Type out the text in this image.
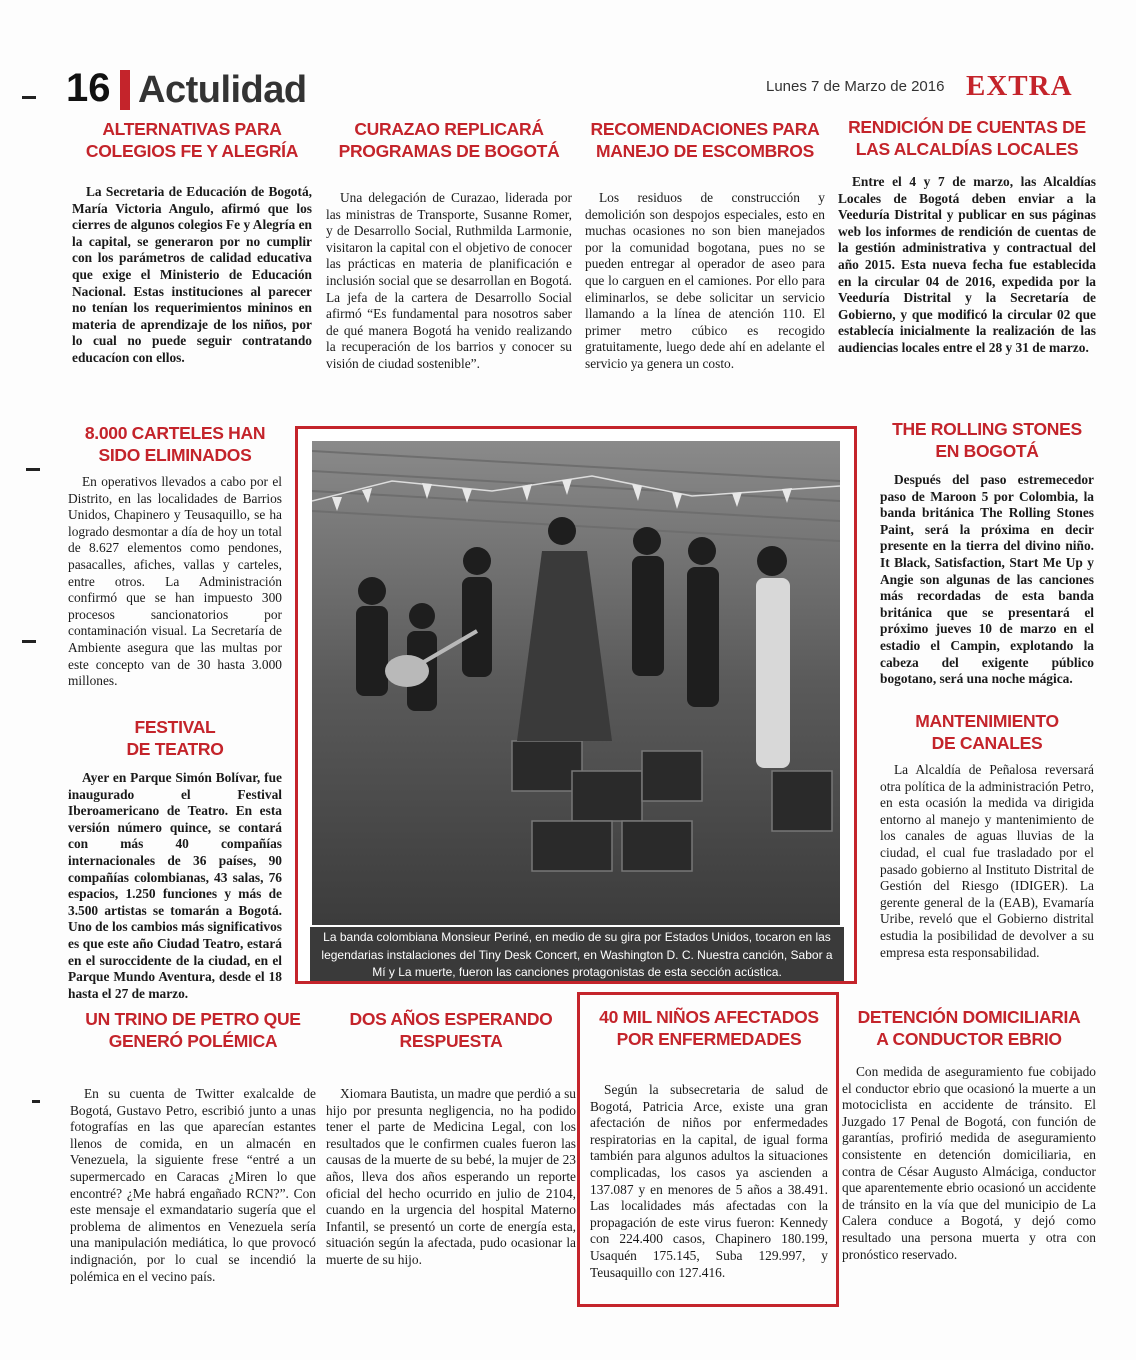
16 Actulidad	Lunes 7 de Marzo de 2016 EXTRA
ALTERNATIVAS PARA
COLEGIOS FE Y ALEGRÍA
La Secretaria de Educación de Bogotá, María Victoria Angulo, afirmó que los cierres de algunos colegios Fe y Alegría en la capital, se generaron por no cumplir con los parámetros de calidad educativa que exige el Ministerio de Educación Nacional. Estas instituciones al parecer no tenían los requerimientos mininos en materia de aprendizaje de los niños, por lo cual no puede seguir contratando educacíon con ellos.
CURAZAO REPLICARÁ
PROGRAMAS DE BOGOTÁ
Una delegación de Curazao, liderada por las ministras de Transporte, Susanne Romer, y de Desarrollo Social, Ruthmilda Larmonie, visitaron la capital con el objetivo de conocer las prácticas en materia de planificación e inclusión social que se desarrollan en Bogotá. La jefa de la cartera de Desarrollo Social afirmó “Es fundamental para nosotros saber de qué manera Bogotá ha venido realizando la recuperación de los barrios y conocer su visión de ciudad sostenible”.
RECOMENDACIONES PARA
MANEJO DE ESCOMBROS
Los residuos de construcción y demolición son despojos especiales, esto en muchas ocasiones no son bien manejados por la comunidad bogotana, pues no se pueden entregar al operador de aseo para que lo carguen en el camiones. Por ello para eliminarlos, se debe solicitar un servicio llamando a la línea de atención 110. El primer metro cúbico es recogido gratuitamente, luego dede ahí en adelante el servicio ya genera un costo.
RENDICIÓN DE CUENTAS DE
LAS ALCALDÍAS LOCALES
Entre el 4 y 7 de marzo, las Alcaldías Locales de Bogotá deben enviar a la Veeduría Distrital y publicar en sus páginas web los informes de rendición de cuentas de la gestión administrativa y contractual del año 2015. Esta nueva fecha fue establecida en la circular 04 de 2016, expedida por la Veeduría Distrital y la Secretaría de Gobierno, y que modificó la circular 02 que establecía inicialmente la realización de las audiencias locales entre el 28 y 31 de marzo.
8.000 CARTELES HAN
SIDO ELIMINADOS
En operativos llevados a cabo por el Distrito, en las localidades de Barrios Unidos, Chapinero y Teusaquillo, se ha logrado desmontar a día de hoy un total de 8.627 elementos como pendones, pasacalles, afiches, vallas y carteles, entre otros. La Administración confirmó que se han impuesto 300 procesos sancionatorios por contaminación visual. La Secretaría de Ambiente asegura que las multas por este concepto van de 30 hasta 3.000 millones.
FESTIVAL
DE TEATRO
Ayer en Parque Simón Bolívar, fue inaugurado el Festival Iberoamericano de Teatro. En esta versión número quince, se contará con más 40 compañías internacionales de 36 países, 90 compañías colombianas, 43 salas, 76 espacios, 1.250 funciones y más de 3.500 artistas se tomarán a Bogotá. Uno de los cambios más significativos es que este año Ciudad Teatro, estará en el suroccidente de la ciudad, en el Parque Mundo Aventura, desde el 18 hasta el 27 de marzo.
La banda colombiana Monsieur Periné, en medio de su gira por Estados Unidos, tocaron en las legendarias instalaciones del Tiny Desk Concert, en Washington D. C. Nuestra canción, Sabor a Mí y La muerte, fueron las canciones protagonistas de esta sección acústica.
THE ROLLING STONES
EN BOGOTÁ
Después del paso estremecedor paso de Maroon 5 por Colombia, la banda británica The Rolling Stones Paint, será la próxima en decir presente en la tierra del divino niño. It Black, Satisfaction, Start Me Up y Angie son algunas de las canciones más recordadas de esta banda británica que se presentará el próximo jueves 10 de marzo en el estadio el Campin, explotando la cabeza del exigente público bogotano, será una noche mágica.
MANTENIMIENTO
DE CANALES
La Alcaldía de Peñalosa reversará otra política de la administración Petro, en esta ocasión la medida va dirigida entorno al manejo y mantenimiento de los canales de aguas lluvias de la ciudad, el cual fue trasladado por el pasado gobierno al Instituto Distrital de Gestión del Riesgo (IDIGER). La gerente general de la (EAB), Evamaría Uribe, reveló que el Gobierno distrital estudia la posibilidad de devolver a su empresa esta responsabilidad.
UN TRINO DE PETRO QUE
GENERÓ POLÉMICA
En su cuenta de Twitter exalcalde de Bogotá, Gustavo Petro, escribió junto a unas fotografías en las que aparecían estantes llenos de comida, en un almacén en Venezuela, la siguiente frese “entré a un supermercado en Caracas ¿Miren lo que encontré? ¿Me habrá engañado RCN?”. Con este mensaje el exmandatario sugería que el problema de alimentos en Venezuela sería una manipulación mediática, lo que provocó indignación, por lo cual se incendió la polémica en el vecino país.
DOS AÑOS ESPERANDO
RESPUESTA
Xiomara Bautista, un madre que perdió a su hijo por presunta negligencia, no ha podido tener el parte de Medicina Legal, con los resultados que le confirmen cuales fueron las causas de la muerte de su bebé, la mujer de 23 años, lleva dos años esperando un reporte oficial del hecho ocurrido en julio de 2104, cuando en la urgencia del hospital Materno Infantil, se presentó un corte de energía esta, situación según la afectada, pudo ocasionar la muerte de su hijo.
40 MIL NIÑOS AFECTADOS
POR ENFERMEDADES
Según la subsecretaria de salud de Bogotá, Patricia Arce, existe una gran afectación de niños por enfermedades respiratorias en la capital, de igual forma también para algunos adultos la situaciones complicadas, los casos ya ascienden a 137.087 y en menores de 5 años a 38.491. Las localidades más afectadas con la propagación de este virus fueron: Kennedy con 224.400 casos, Chapinero 180.199, Usaquén 175.145, Suba 129.997, y Teusaquillo con 127.416.
DETENCIÓN DOMICILIARIA
A CONDUCTOR EBRIO
Con medida de aseguramiento fue cobijado el conductor ebrio que ocasionó la muerte a un motociclista en accidente de tránsito. El Juzgado 17 Penal de Bogotá, con función de garantías, profirió medida de aseguramiento consistente en detención domiciliaria, en contra de César Augusto Almáciga, conductor que aparentemente ebrio ocasionó un accidente de tránsito en la vía que del municipio de La Calera conduce a Bogotá, y dejó como resultado una persona muerta y otra con pronóstico reservado.
